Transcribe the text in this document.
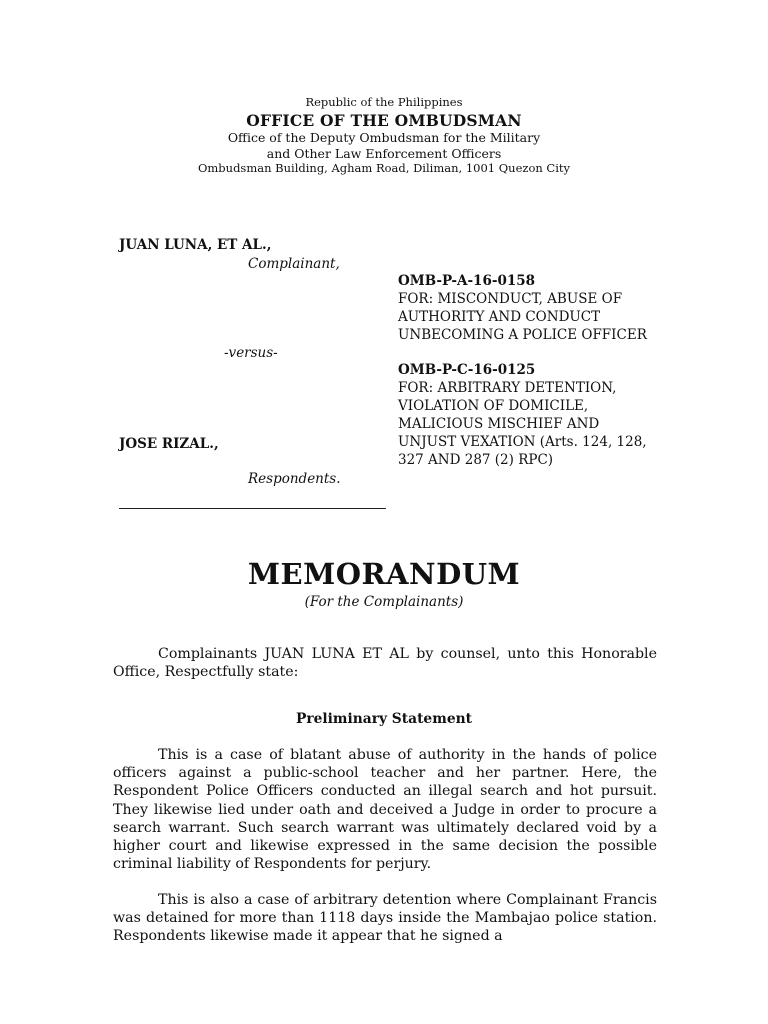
Republic of the Philippines
OFFICE OF THE OMBUDSMAN
Office of the Deputy Ombudsman for the Military
and Other Law Enforcement Officers
Ombudsman Building, Agham Road, Diliman, 1001 Quezon City
JUAN LUNA, ET AL.,
Complainant,
-versus-
JOSE RIZAL.,
Respondents.
OMB-P-A-16-0158
FOR: MISCONDUCT, ABUSE OF
AUTHORITY AND CONDUCT
UNBECOMING A POLICE OFFICER
OMB-P-C-16-0125
FOR: ARBITRARY DETENTION,
VIOLATION OF DOMICILE,
MALICIOUS MISCHIEF AND
UNJUST VEXATION (Arts. 124, 128,
327 AND 287 (2) RPC)
MEMORANDUM
(For the Complainants)
Complainants JUAN LUNA ET AL by counsel, unto this Honorable Office, Respectfully state:
Preliminary Statement
This is a case of blatant abuse of authority in the hands of police officers against a public-school teacher and her partner. Here, the Respondent Police Officers conducted an illegal search and hot pursuit. They likewise lied under oath and deceived a Judge in order to procure a search warrant. Such search warrant was ultimately declared void by a higher court and likewise expressed in the same decision the possible criminal liability of Respondents for perjury.
This is also a case of arbitrary detention where Complainant Francis was detained for more than 1118 days inside the Mambajao police station. Respondents likewise made it appear that he signed a
